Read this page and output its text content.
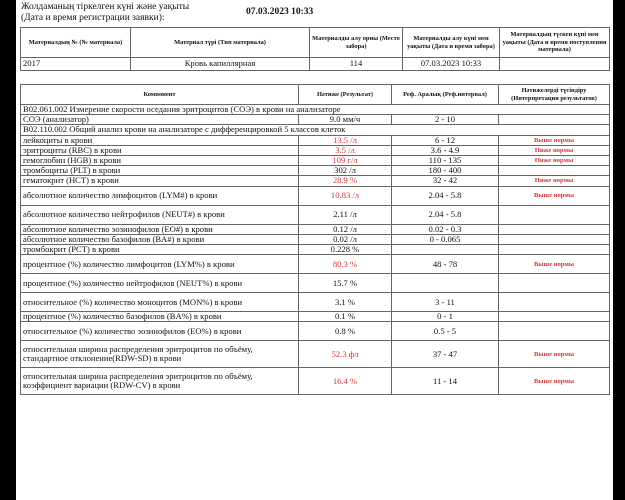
Жолдаманың тіркелген күні және уақыты
(Дата и время регистрации заявки):
07.03.2023 10:33
Материалдың № (№ материала)	Материал түрі (Тип материала)	Материалды алу орны (Место забора)	Материалды алу күні мен уақыты (Дата и время забора)	Материалдың түскен күні мен уақыты (Дата и время поступления материала)
2017	Кровь капиллярная	114	07.03.2023 10:33	
Компонент	Нәтиже (Результат)	Реф. Аралық (Реф.интервал)	Нәтижелерді түсіндіру (Интерпретация результатов)
B02.061.002 Измерение скорости оседания эритроцитов (СОЭ) в крови на анализаторе			
СОЭ (анализатор)	9.0 мм/ч	2 - 10	
B02.110.002 Общий анализ крови на анализаторе с дифференцировкой 5 классов клеток			
лейкоциты в крови	13.5 /л	6 - 12	Выше нормы
эритроциты (RBC) в крови	3.5 /л	3.6 - 4.9	Ниже нормы
гемоглобин (HGB) в крови	109 г/л	110 - 135	Ниже нормы
тромбоциты (PLT) в крови	302 /л	180 - 400	
гематокрит (HCT) в крови	28.9 %	32 - 42	Ниже нормы
абсолютное количество лимфоцитов (LYM#) в крови	10.83 /л	2.04 - 5.8	Выше нормы
абсолютное количество нейтрофилов (NEUT#) в крови	2.11 /л	2.04 - 5.8	
абсолютное количество эозинофилов (EO#) в крови	0.12 /л	0.02 - 0.3	
абсолютное количество базофилов (BA#) в крови	0.02 /л	0 - 0.065	
тромбокрит (PCT) в крови	0.228 %		
процентное (%) количество лимфоцитов (LYM%) в крови	80.3 %	48 - 78	Выше нормы
процентное (%) количество нейтрофилов (NEUT%) в крови	15.7 %		
относительное (%) количество моноцитов (MON%) в крови	3.1 %	3 - 11	
процентное (%) количество базофилов (BA%) в крови	0.1 %	0 - 1	
относительное (%) количество эозинофилов (EO%) в крови	0.8 %	0.5 - 5	
относительная ширина распределения эритроцитов по объёму, стандартное отклонение(RDW-SD) в крови	52.3 фл	37 - 47	Выше нормы
относительная ширина распределения эритроцитов по объёму, коэффициент вариации (RDW-CV) в крови	16.4 %	11 - 14	Выше нормы
